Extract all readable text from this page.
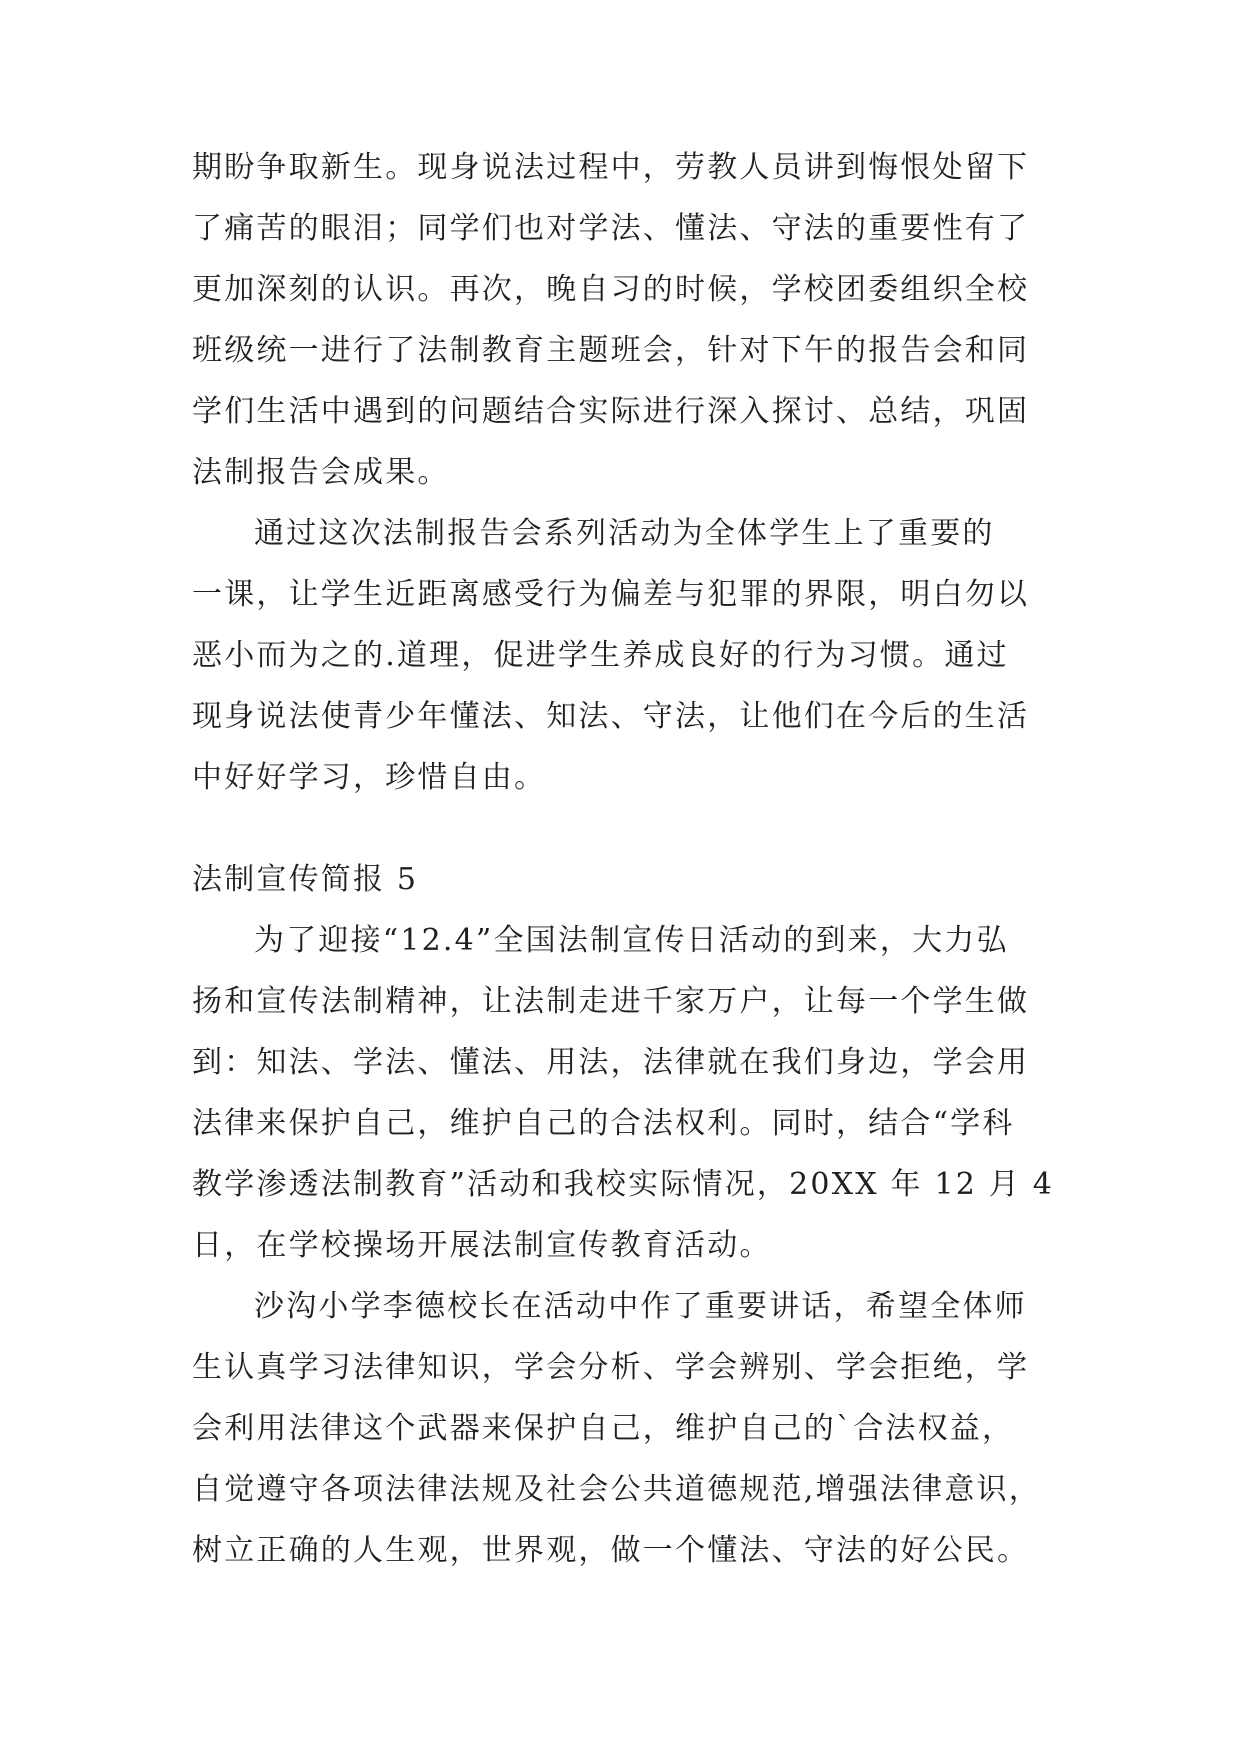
期盼争取新生。现身说法过程中，劳教人员讲到悔恨处留下

了痛苦的眼泪；同学们也对学法、懂法、守法的重要性有了

更加深刻的认识。再次，晚自习的时候，学校团委组织全校

班级统一进行了法制教育主题班会，针对下午的报告会和同

学们生活中遇到的问题结合实际进行深入探讨、总结，巩固

法制报告会成果。

通过这次法制报告会系列活动为全体学生上了重要的

一课，让学生近距离感受行为偏差与犯罪的界限，明白勿以

恶小而为之的.道理，促进学生养成良好的行为习惯。通过

现身说法使青少年懂法、知法、守法，让他们在今后的生活

中好好学习，珍惜自由。

法制宣传简报 5

为了迎接“12.4”全国法制宣传日活动的到来，大力弘

扬和宣传法制精神，让法制走进千家万户，让每一个学生做

到：知法、学法、懂法、用法，法律就在我们身边，学会用

法律来保护自己，维护自己的合法权利。同时，结合“学科

教学渗透法制教育”活动和我校实际情况，20XX 年 12 月 4

日，在学校操场开展法制宣传教育活动。

沙沟小学李德校长在活动中作了重要讲话，希望全体师

生认真学习法律知识，学会分析、学会辨别、学会拒绝，学

会利用法律这个武器来保护自己，维护自己的`合法权益，

自觉遵守各项法律法规及社会公共道德规范,增强法律意识，

树立正确的人生观，世界观，做一个懂法、守法的好公民。
